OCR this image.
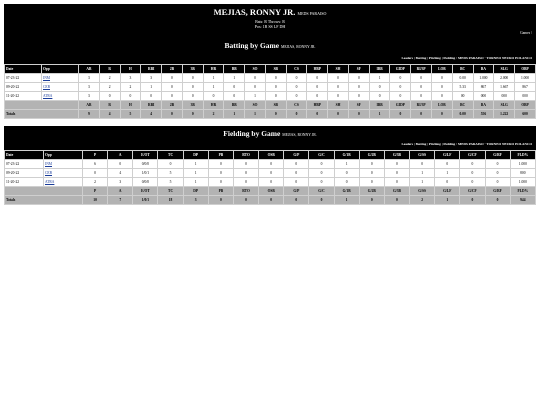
MEJIAS, RONNY JR. MEDS PARAISO
Bats: R Throws: R
Pos: 1B SS LF DH
Games /
Batting by Game MEJIAS, RONNY JR.
Leaders | Batting | Pitching | Fielding : MEDS PARAISO · TORNEO NEURO POLANCO
Date	Opp	AB	R	H	RBI	2B	3B	HR	BB	SO	SB	CS	HBP	SH	SF	IBB	GIDP	RI/3P	LOB	BC	BA	SLG	OBP
07-23-22	INM	3	2	3	3	0	0	1	1	0	0	0	0	0	0	1	0	0	0	0.00	1.000	2.000	1.000
09-20-22	CEB	3	2	2	1	0	0	1	0	0	0	0	0	0	0	0	0	0	0	5.33	867	1.667	867
11-20-22	ATRA	3	0	0	0	0	0	0	0	1	0	0	0	0	0	0	0	0	0	00	000	000	000
		AB	R	H	RBI	2B	3B	HR	BB	SO	SB	CS	HBP	SH	SF	IBB	GIDP	RI/3P	LOB	BC	BA	SLG	OBP
Totals		9	4	5	4	0	0	2	1	1	0	0	0	0	0	1	0	0	0	0.00	556	1.222	600
Fielding by Game MEJIAS, RONNY JR.
Leaders | Batting | Pitching | Fielding : MEDS PARAISO · TORNEO NEURO POLANCO
Date	Opp	P	A	E/OT	TC	DP	PB	RTO	OSB	G/P	G/C	G/1B	G/2B	G/3B	G/SS	G/LF	G/CF	G/RF	FLD%
07-23-22	INM	6	0	0/0/0	0	1	0	0	0	0	0	1	0	0	0	0	0	0	1.000
09-20-22	CEB	0	4	1/0/1	5	1	0	0	0	0	0	0	0	0	1	1	0	0	800
11-20-22	ATRA	2	3	0/0/0	5	1	0	0	0	0	0	0	0	0	1	0	0	0	1.000
		P	A	E/OT	TC	DP	PB	RTO	OSB	G/P	G/C	G/1B	G/2B	G/3B	G/SS	G/LF	G/CF	G/RF	FLD%
Totals		10	7	1/0/1	18	3	0	0	0	0	0	1	0	0	2	1	0	0	944
